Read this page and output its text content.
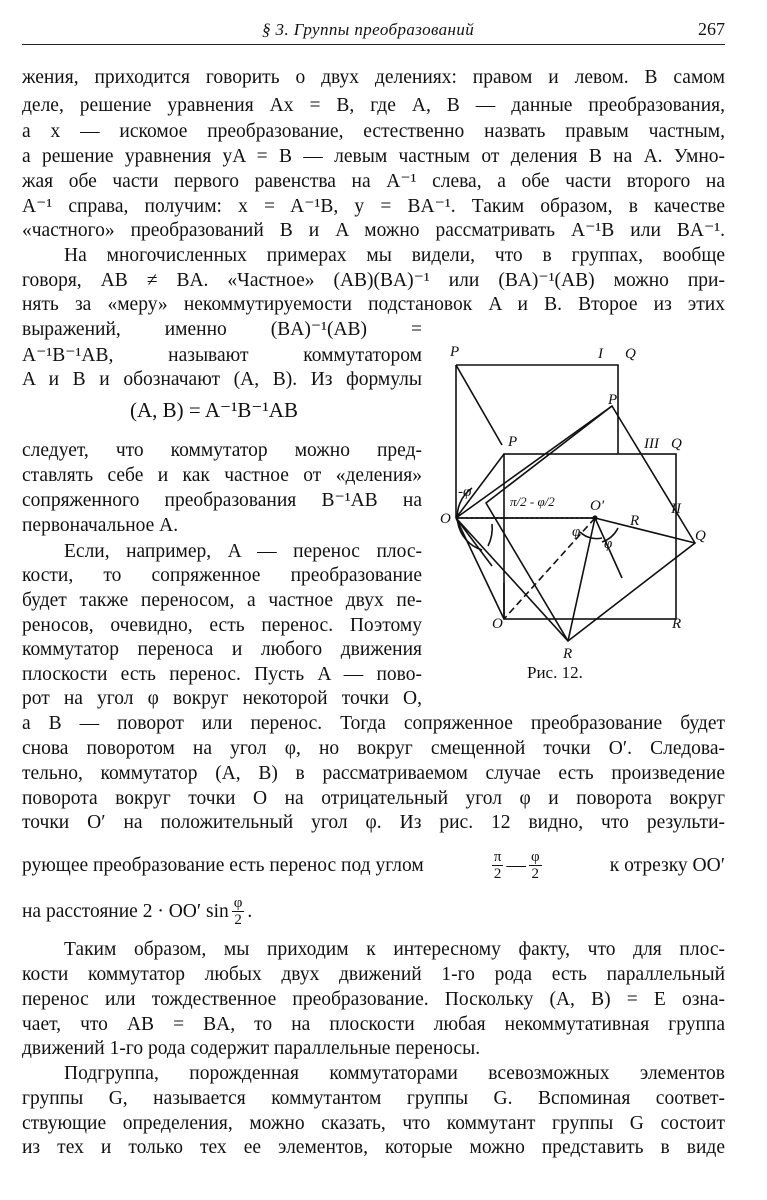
§ 3. Группы преобразований	267
жения, приходится говорить о двух делениях: правом и левом. В самом
деле, решение уравнения Ax = B, где A, B — данные преобразования,
а x — искомое преобразование, естественно назвать правым частным,
а решение уравнения yA = B — левым частным от деления B на A. Умно-
жая обе части первого равенства на A⁻¹ слева, а обе части второго на
A⁻¹ справа, получим: x = A⁻¹B, y = BA⁻¹. Таким образом, в качестве
«частного» преобразований B и A можно рассматривать A⁻¹B или BA⁻¹.
На многочисленных примерах мы видели, что в группах, вообще
говоря, AB ≠ BA. «Частное» (AB)(BA)⁻¹ или (BA)⁻¹(AB) можно при-
нять за «меру» некоммутируемости подстановок A и B. Второе из этих
выражений, именно (BA)⁻¹(AB) =
A⁻¹B⁻¹AB, называют коммутатором
A и B и обозначают (A, B). Из формулы
(A, B) = A⁻¹B⁻¹AB
следует, что коммутатор можно пред-
ставлять себе и как частное от «деления»
сопряженного преобразования B⁻¹AB на
первоначальное A.
Если, например, A — перенос плос-
кости, то сопряженное преобразование
будет также переносом, а частное двух пе-
реносов, очевидно, есть перенос. Поэтому
коммутатор переноса и любого движения
плоскости есть перенос. Пусть A — пово-
рот на угол φ вокруг некоторой точки O,
P	Q
I
P
P	III Q
II
Q
O
O′
R
O	R
R
-φ
π/2 - φ/2
φ
φ
Рис. 12.
а B — поворот или перенос. Тогда сопряженное преобразование будет
снова поворотом на угол φ, но вокруг смещенной точки O′. Следова-
тельно, коммутатор (A, B) в рассматриваемом случае есть произведение
поворота вокруг точки O на отрицательный угол φ и поворота вокруг
точки O′ на положительный угол φ. Из рис. 12 видно, что результи-
рующее преобразование есть перенос под углом	$\frac{\pi}{2}$ — $\frac{\varphi}{2}$	к отрезку OO′
на расстояние 2 · OO′ $\sin \frac{\varphi}{2}$ .
Таким образом, мы приходим к интересному факту, что для плос-
кости коммутатор любых двух движений 1-го рода есть параллельный
перенос или тождественное преобразование. Поскольку (A, B) = E озна-
чает, что AB = BA, то на плоскости любая некоммутативная группа
движений 1-го рода содержит параллельные переносы.
Подгруппа, порожденная коммутаторами всевозможных элементов
группы G, называется коммутантом группы G. Вспоминая соответ-
ствующие определения, можно сказать, что коммутант группы G состоит
из тех и только тех ее элементов, которые можно представить в виде
